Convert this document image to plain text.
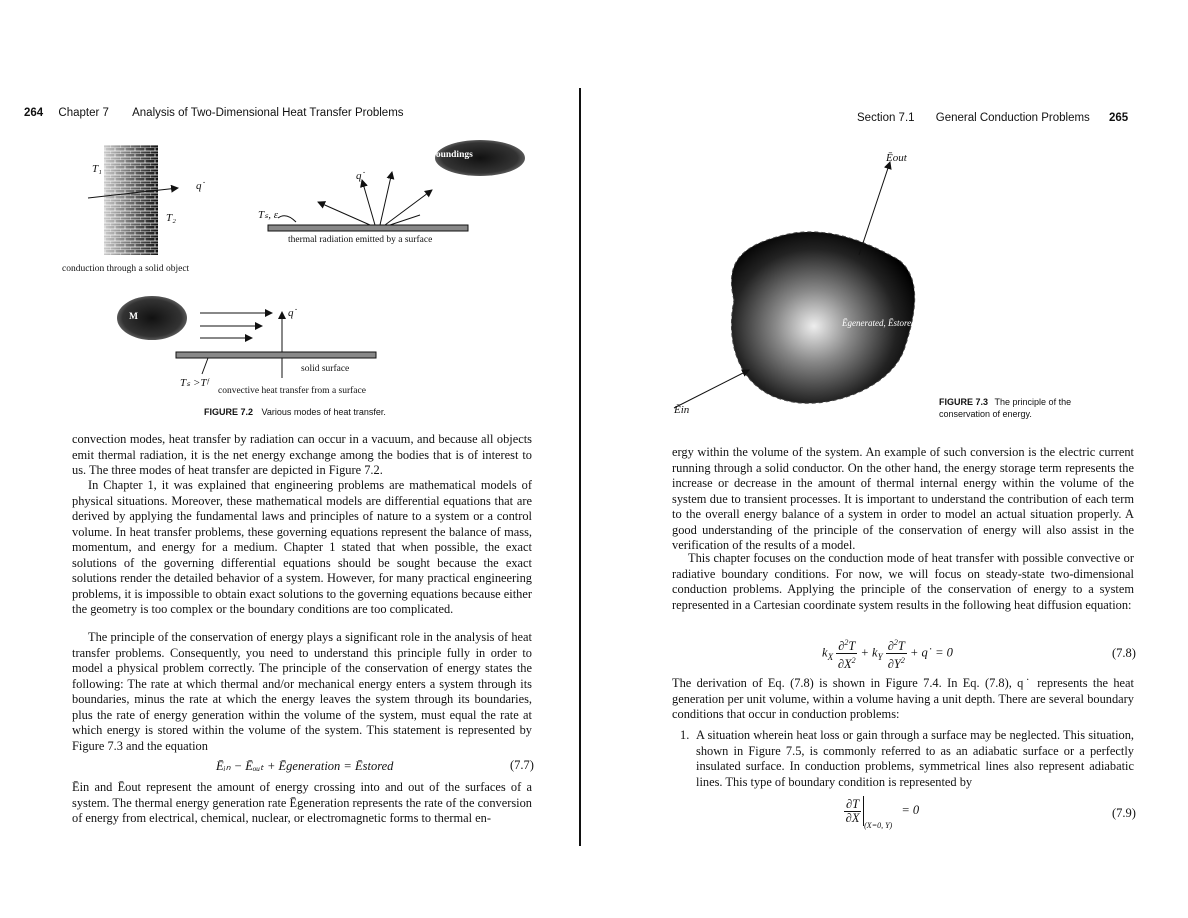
264 Chapter 7 Analysis of Two-Dimensional Heat Transfer Problems
T₁
T₂
q˙
conduction through a solid object
Tₛ, ε
q˙
Surroundings
thermal radiation emitted by a surface
M	q˙
solid surface
Tₛ >Tᶠ
convective heat transfer from a surface
FIGURE 7.2 Various modes of heat transfer.

convection modes, heat transfer by radiation can occur in a vacuum, and because all objects emit thermal radiation, it is the net energy exchange among the bodies that is of interest to us. The three modes of heat transfer are depicted in Figure 7.2.

In Chapter 1, it was explained that engineering problems are mathematical models of physical situations. Moreover, these mathematical models are differential equations that are derived by applying the fundamental laws and principles of nature to a system or a control volume. In heat transfer problems, these governing equations represent the balance of mass, momentum, and energy for a medium. Chapter 1 stated that when possible, the exact solutions of the governing differential equations should be sought because the exact solutions render the detailed behavior of a system. However, for many practical engineering problems, it is impossible to obtain exact solutions to the governing equations because either the geometry is too complex or the boundary conditions are too complicated.

The principle of the conservation of energy plays a significant role in the analysis of heat transfer problems. Consequently, you need to understand this principle fully in order to model a physical problem correctly. The principle of the conservation of energy states the following: The rate at which thermal and/or mechanical energy enters a system through its boundaries, minus the rate at which the energy leaves the system through its boundaries, plus the rate of energy generation within the volume of the system, must equal the rate at which energy is stored within the volume of the system. This statement is represented by Figure 7.3 and the equation

Ēᵢₙ − Ēₒᵤₜ + Ēgeneration = Ēstored	(7.7)

Ēin and Ēout represent the amount of energy crossing into and out of the surfaces of a system. The thermal energy generation rate Ēgeneration represents the rate of the conversion of energy from electrical, chemical, nuclear, or electromagnetic forms to thermal en-

Section 7.1 General Conduction Problems 265
Ēout
Ēin
Ēgenerated, Ēstored
FIGURE 7.3 The principle of the conservation of energy.

ergy within the volume of the system. An example of such conversion is the electric current running through a solid conductor. On the other hand, the energy storage term represents the increase or decrease in the amount of thermal internal energy within the volume of the system due to transient processes. It is important to understand the contribution of each term to the overall energy balance of a system in order to model an actual situation properly. A good understanding of the principle of the conservation of energy will also assist in the verification of the results of a model.

This chapter focuses on the conduction mode of heat transfer with possible convective or radiative boundary conditions. For now, we will focus on steady-state two-dimensional conduction problems. Applying the principle of the conservation of energy to a system represented in a Cartesian coordinate system results in the following heat diffusion equation:

$k_X \frac{\partial^2T}{\partial X^2} + k_Y \frac{\partial^2T}{\partial Y^2}$ + q˙ = 0	(7.8)

The derivation of Eq. (7.8) is shown in Figure 7.4. In Eq. (7.8), q˙ represents the heat generation per unit volume, within a volume having a unit depth. There are several boundary conditions that occur in conduction problems:

1. A situation wherein heat loss or gain through a surface may be neglected. This situation, shown in Figure 7.5, is commonly referred to as an adiabatic surface or a perfectly insulated surface. In conduction problems, symmetrical lines also represent adiabatic lines. This type of boundary condition is represented by

$\frac{\partial T}{\partial X}$
$_{(X=0, Y)}$ = 0	(7.9)
